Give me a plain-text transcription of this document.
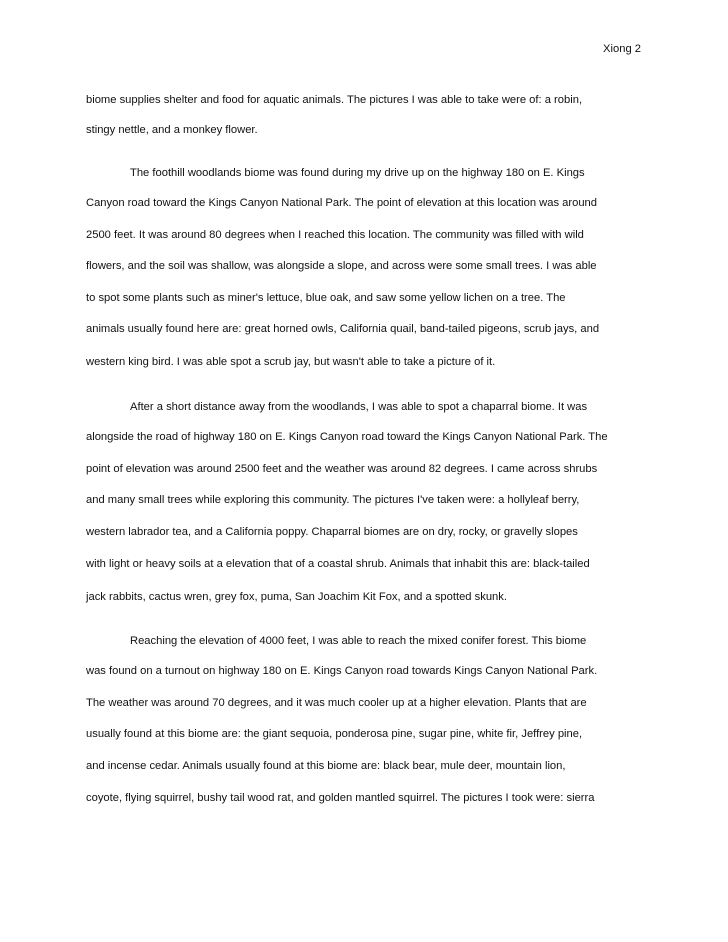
Xiong 2
biome supplies shelter and food for aquatic animals. The pictures I was able to take were of: a robin,
stingy nettle, and a monkey flower.
The foothill woodlands biome was found during my drive up on the highway 180 on E. Kings
Canyon road toward the Kings Canyon National Park. The point of elevation at this location was around
2500 feet. It was around 80 degrees when I reached this location. The community was filled with wild
flowers, and the soil was shallow, was alongside a slope, and across were some small trees. I was able
to spot some plants such as miner's lettuce, blue oak, and saw some yellow lichen on a tree. The
animals usually found here are: great horned owls, California quail, band-tailed pigeons, scrub jays, and
western king bird. I was able spot a scrub jay, but wasn't able to take a picture of it.
After a short distance away from the woodlands, I was able to spot a chaparral biome. It was
alongside the road of highway 180 on E. Kings Canyon road toward the Kings Canyon National Park. The
point of elevation was around 2500 feet and the weather was around 82 degrees. I came across shrubs
and many small trees while exploring this community. The pictures I've taken were: a hollyleaf berry,
western labrador tea, and a California poppy. Chaparral biomes are on dry, rocky, or gravelly slopes
with light or heavy soils at a elevation that of a coastal shrub. Animals that inhabit this are: black-tailed
jack rabbits, cactus wren, grey fox, puma, San Joachim Kit Fox, and a spotted skunk.
Reaching the elevation of 4000 feet, I was able to reach the mixed conifer forest. This biome
was found on a turnout on highway 180 on E. Kings Canyon road towards Kings Canyon National Park.
The weather was around 70 degrees, and it was much cooler up at a higher elevation. Plants that are
usually found at this biome are: the giant sequoia, ponderosa pine, sugar pine, white fir, Jeffrey pine,
and incense cedar. Animals usually found at this biome are: black bear, mule deer, mountain lion,
coyote, flying squirrel, bushy tail wood rat, and golden mantled squirrel. The pictures I took were: sierra
